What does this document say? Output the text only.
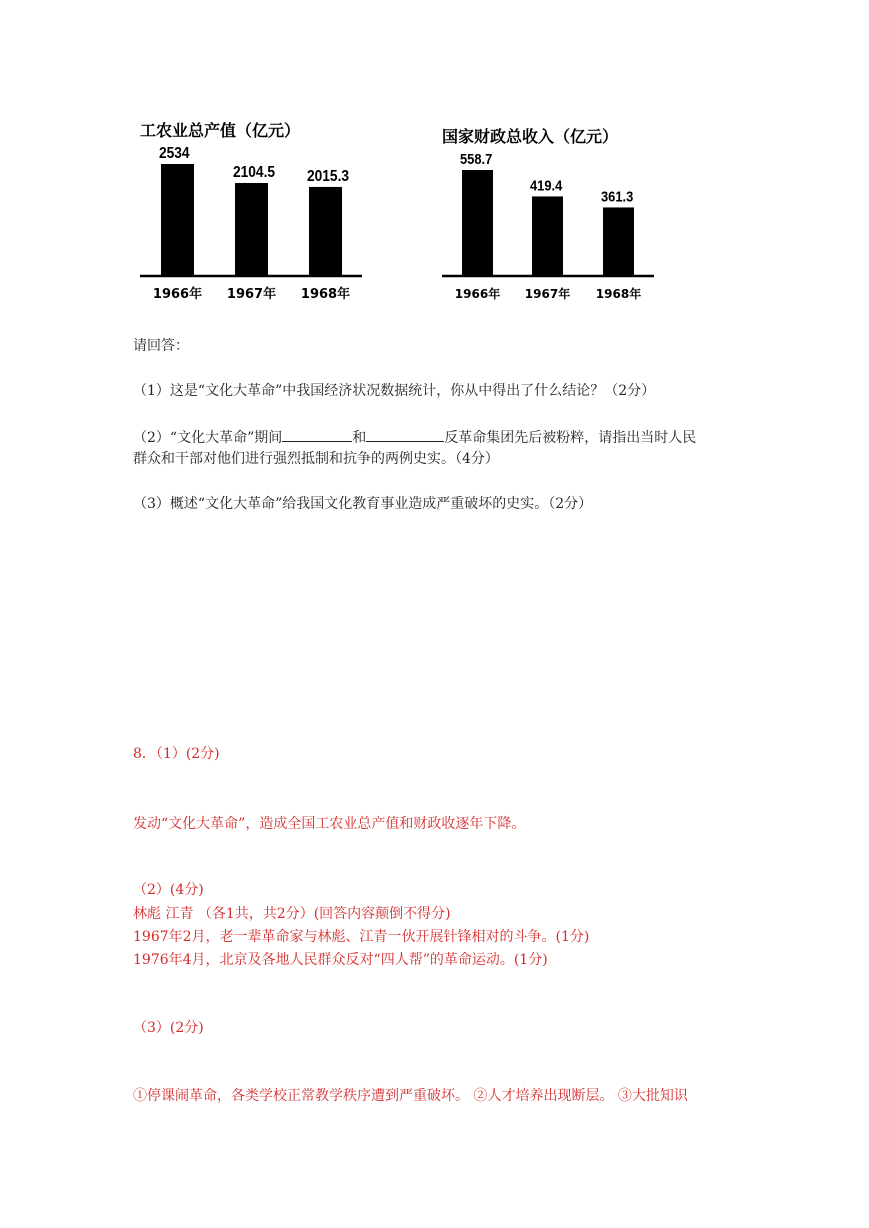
工农业总产值（亿元）
2534
1966年
2104.5
1967年
2015.3
1968年
国家财政总收入（亿元）
558.7
1966年
419.4
1967年
361.3
1968年
请回答：
（1）这是“文化大革命”中我国经济状况数据统计，你从中得出了什么结论？（2分）
（2）“文化大革命”期间	和	反革命集团先后被粉粹，请指出当时人民
群众和干部对他们进行强烈抵制和抗争的两例史实。（4分）
（3）概述“文化大革命”给我国文化教育事业造成严重破坏的史实。（2分）
8．（1）(2分)
发动“文化大革命”，造成全国工农业总产值和财政收逐年下降。
（2）(4分)
林彪 江青 （各1共，共2分）(回答内容颠倒不得分)
1967年2月，老一辈革命家与林彪、江青一伙开展针锋相对的斗争。(1分)
1976年4月，北京及各地人民群众反对“四人帮”的革命运动。(1分)
（3）(2分)
①停课闹革命，各类学校正常教学秩序遭到严重破坏。 ②人才培养出现断层。 ③大批知识
